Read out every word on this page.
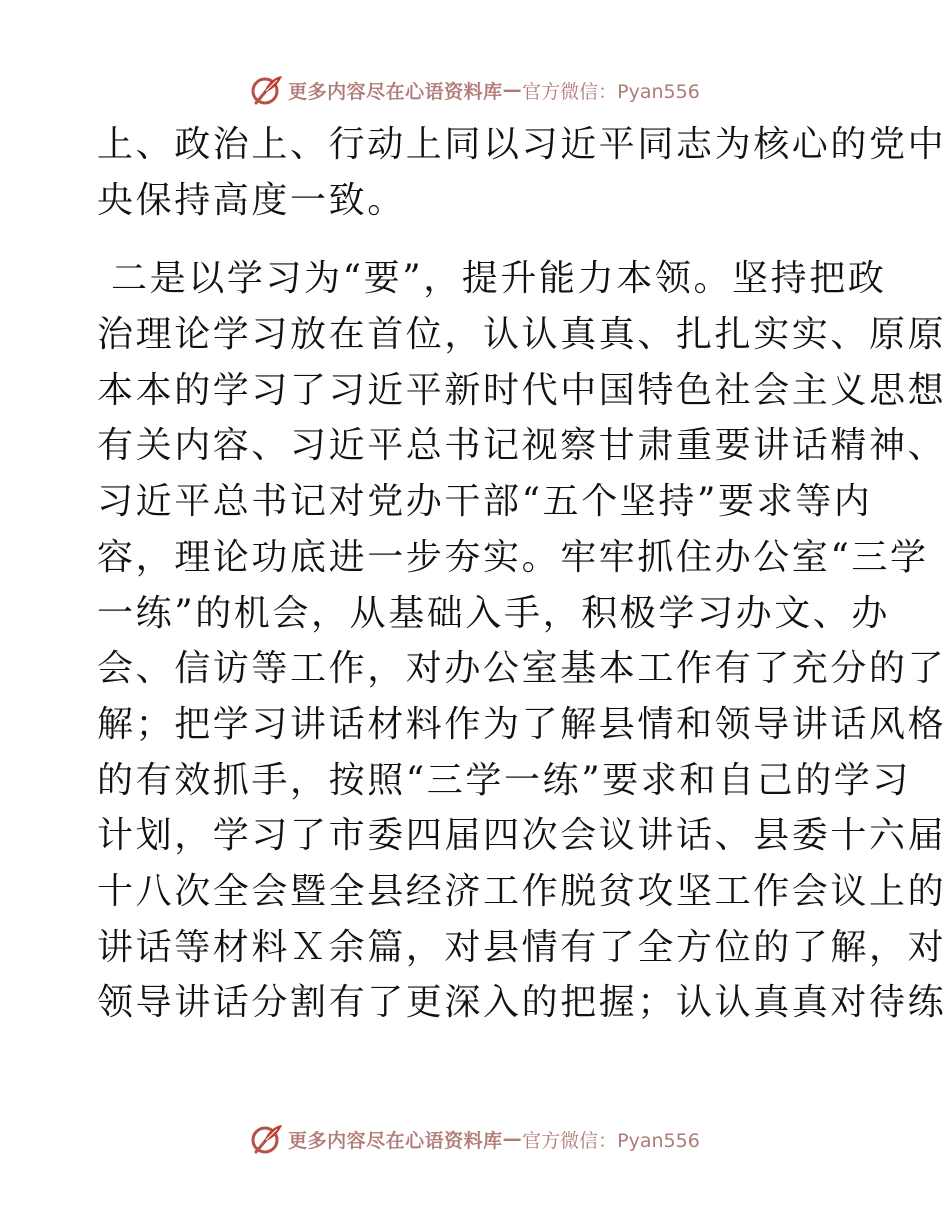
更多内容尽在心语资料库 — 官方微信：Pyan556
上、政治上、行动上同以习近平同志为核心的党中
央保持高度一致。
二是以学习为“要”，提升能力本领。坚持把政
治理论学习放在首位，认认真真、扎扎实实、原原
本本的学习了习近平新时代中国特色社会主义思想
有关内容、习近平总书记视察甘肃重要讲话精神、
习近平总书记对党办干部“五个坚持”要求等内
容，理论功底进一步夯实。牢牢抓住办公室“三学
一练”的机会，从基础入手，积极学习办文、办
会、信访等工作，对办公室基本工作有了充分的了
解；把学习讲话材料作为了解县情和领导讲话风格
的有效抓手，按照“三学一练”要求和自己的学习
计划，学习了市委四届四次会议讲话、县委十六届
十八次全会暨全县经济工作脱贫攻坚工作会议上的
讲话等材料Ｘ余篇，对县情有了全方位的了解，对
领导讲话分割有了更深入的把握；认认真真对待练
更多内容尽在心语资料库 — 官方微信：Pyan556
